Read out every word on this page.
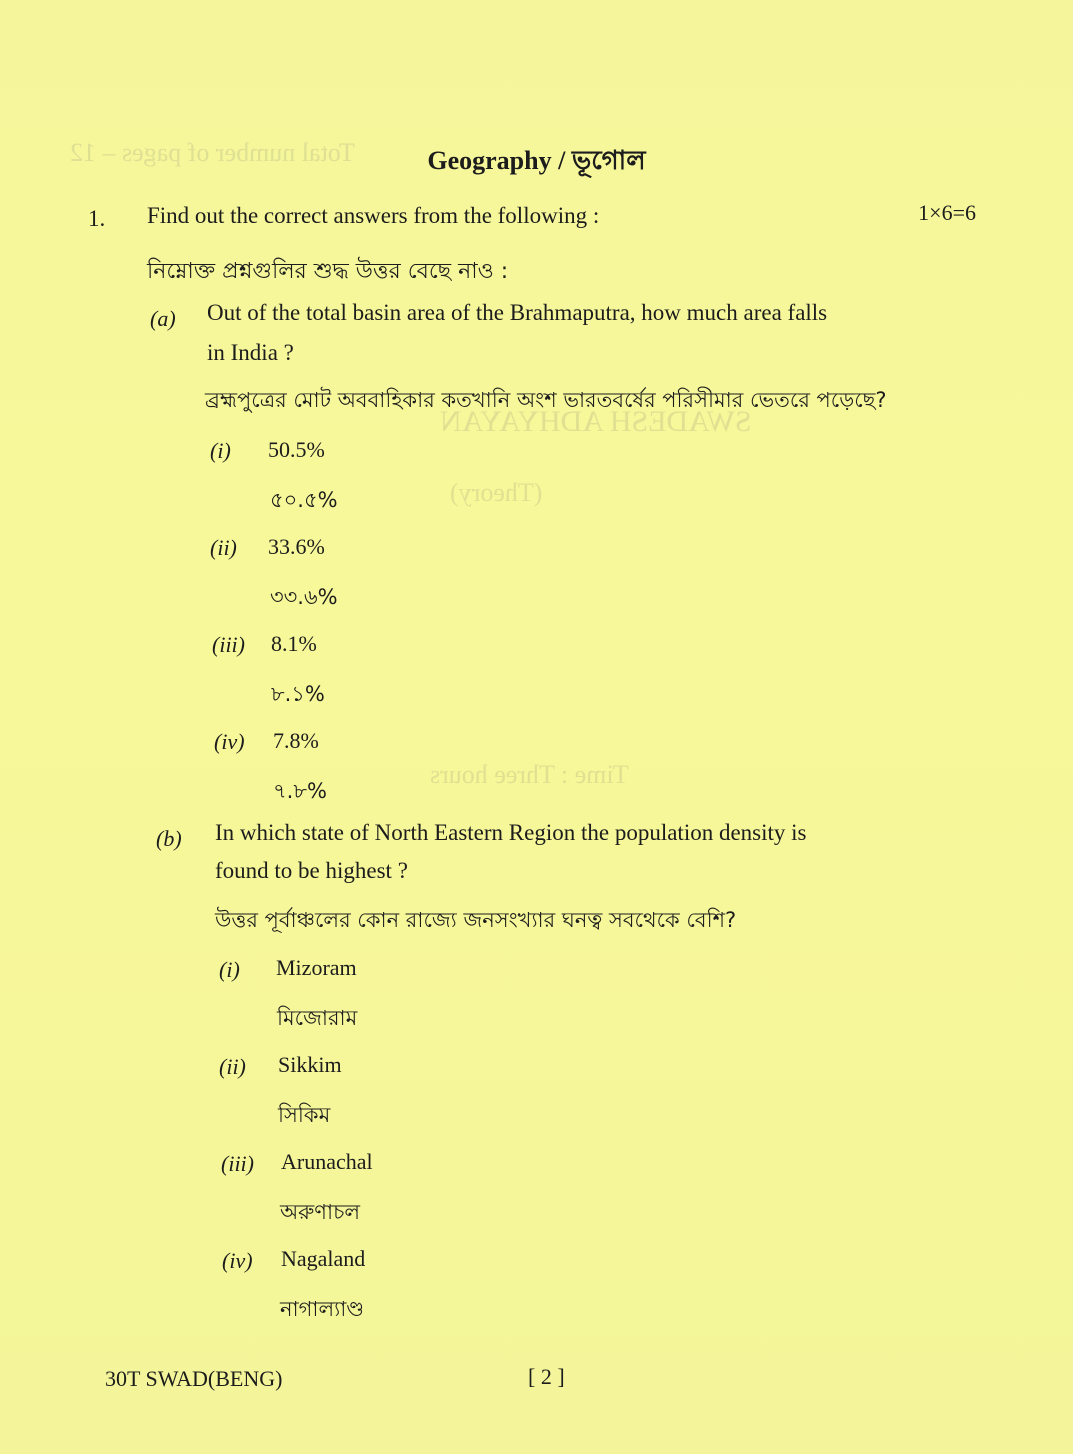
Total number of pages – 12
SWADESH ADHYAYAN
(Theory)
Time : Three hours
Geography / ভূগোল
1. Find out the correct answers from the following :	1×6=6
নিম্নোক্ত প্রশ্নগুলির শুদ্ধ উত্তর বেছে নাও :
(a) Out of the total basin area of the Brahmaputra, how much area falls
in India ?
ব্রহ্মপুত্রের মোট অববাহিকার কতখানি অংশ ভারতবর্ষের পরিসীমার ভেতরে পড়েছে?
(i) 50.5%
৫০.৫%
(ii) 33.6%
৩৩.৬%
(iii) 8.1%
৮.১%
(iv) 7.8%
৭.৮%
(b) In which state of North Eastern Region the population density is
found to be highest ?
উত্তর পূর্বাঞ্চলের কোন রাজ্যে জনসংখ্যার ঘনত্ব সবথেকে বেশি?
(i) Mizoram
মিজোরাম
(ii) Sikkim
সিকিম
(iii) Arunachal
অরুণাচল
(iv) Nagaland
নাগাল্যাণ্ড
30T SWAD(BENG)	[ 2 ]
